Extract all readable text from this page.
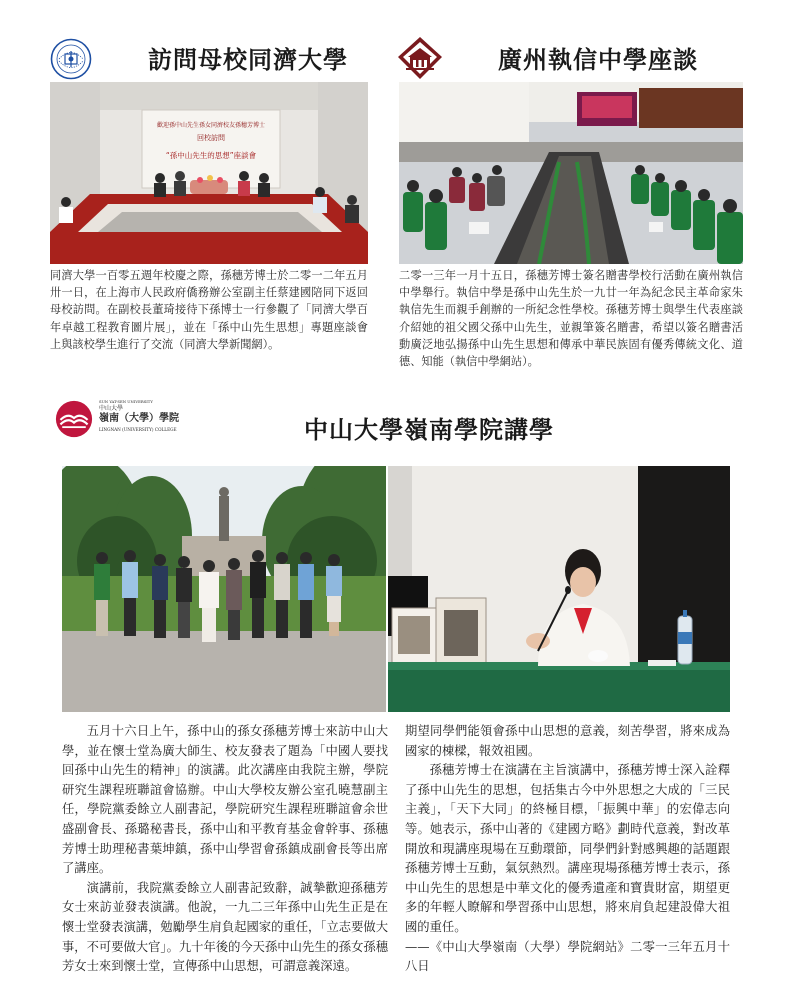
訪問母校同濟大學
歡迎孫中山先生孫女同濟校友孫穗芳博士
回校訪問
“孫中山先生的思想”座談會
同濟大學一百零五週年校慶之際，孫穗芳博士於二零一二年五月卅一日，在上海市人民政府僑務辦公室副主任蔡建國陪同下返回母校訪問。在副校長董琦接待下孫博士一行參觀了「同濟大學百年卓越工程教育圖片展」，並在「孫中山先生思想」專題座談會上與該校學生進行了交流（同濟大學新聞網）。
廣州執信中學座談
二零一三年一月十五日，孫穗芳博士簽名贈書學校行活動在廣州執信中學舉行。執信中學是孫中山先生於一九廿一年為紀念民主革命家朱執信先生而親手創辦的一所紀念性學校。孫穗芳博士與學生代表座談介紹她的祖父國父孫中山先生，並親筆簽名贈書，希望以簽名贈書活動廣泛地弘揚孫中山先生思想和傳承中華民族固有優秀傳統文化、道德、知能（執信中學網站）。
SUN YAT-SEN UNIVERSITY
中山大學
嶺南（大學）學院
LINGNAN (UNIVERSITY) COLLEGE	中山大學嶺南學院講學

五月十六日上午，孫中山的孫女孫穗芳博士來訪中山大學，並在懷士堂為廣大師生、校友發表了題為「中國人要找回孫中山先生的精神」的演講。此次講座由我院主辦，學院研究生課程班聯誼會協辦。中山大學校友辦公室孔曉慧副主任，學院黨委餘立人副書記，學院研究生課程班聯誼會余世盛副會長、孫璐秘書長，孫中山和平教育基金會幹事、孫穗芳博士助理秘書葉坤鎮，孫中山學習會孫鎮成副會長等出席了講座。

演講前，我院黨委餘立人副書記致辭，誠摯歡迎孫穗芳女士來訪並發表演講。他說，一九二三年孫中山先生正是在懷士堂發表演講，勉勵學生肩負起國家的重任，「立志要做大事，不可要做大官」。九十年後的今天孫中山先生的孫女孫穗芳女士來到懷士堂，宣傳孫中山思想，可謂意義深遠。

期望同學們能領會孫中山思想的意義，刻苦學習，將來成為國家的棟樑，報效祖國。

孫穗芳博士在演講在主旨演講中，孫穗芳博士深入詮釋了孫中山先生的思想，包括集古今中外思想之大成的「三民主義」，「天下大同」的終極目標，「振興中華」的宏偉志向等。她表示，孫中山著的《建國方略》劃時代意義，對改革開放和現講座現場在互動環節，同學們針對感興趣的話題跟孫穗芳博士互動，氣氛熱烈。講座現場孫穗芳博士表示，孫中山先生的思想是中華文化的優秀遺產和寶貴財富，期望更多的年輕人瞭解和學習孫中山思想，將來肩負起建設偉大祖國的重任。

——《中山大學嶺南（大學）學院網站》二零一三年五月十八日
